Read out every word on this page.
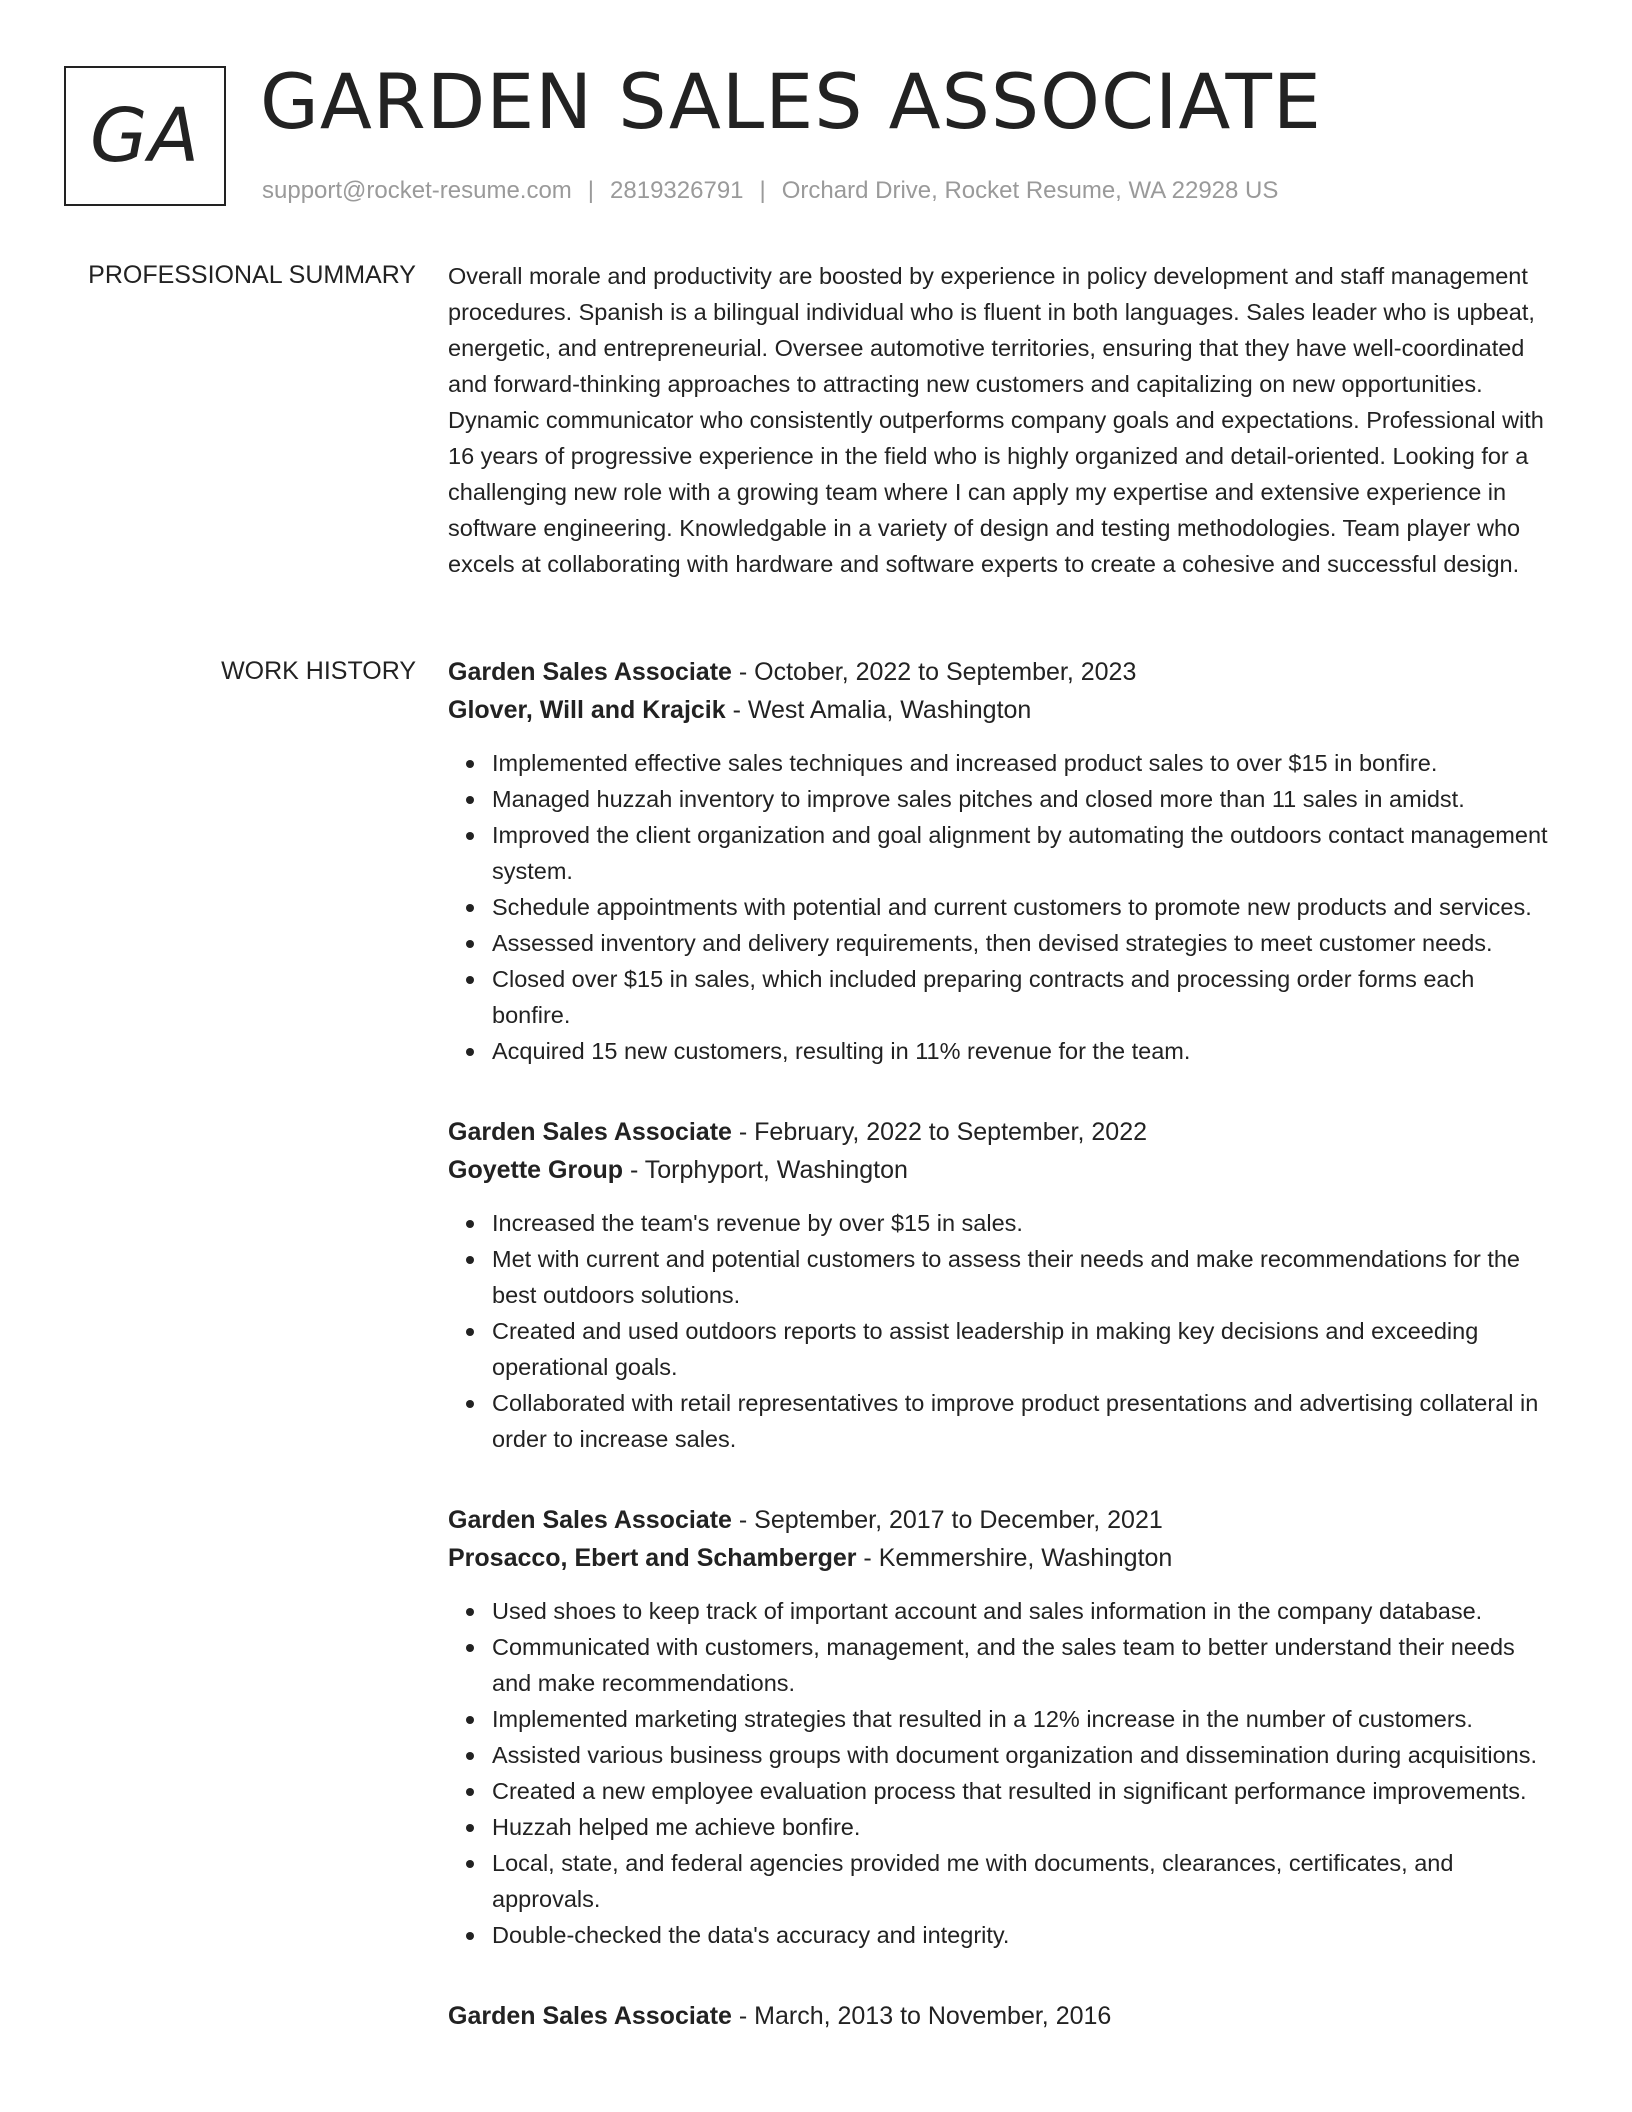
GA GARDEN SALES ASSOCIATE
support@rocket-resume.com | 2819326791 | Orchard Drive, Rocket Resume, WA 22928 US
PROFESSIONAL SUMMARY Overall morale and productivity are boosted by experience in policy development and staff management procedures. Spanish is a bilingual individual who is fluent in both languages. Sales leader who is upbeat, energetic, and entrepreneurial. Oversee automotive territories, ensuring that they have well-coordinated and forward-thinking approaches to attracting new customers and capitalizing on new opportunities. Dynamic communicator who consistently outperforms company goals and expectations. Professional with 16 years of progressive experience in the field who is highly organized and detail-oriented. Looking for a challenging new role with a growing team where I can apply my expertise and extensive experience in software engineering. Knowledgable in a variety of design and testing methodologies. Team player who excels at collaborating with hardware and software experts to create a cohesive and successful design.

WORK HISTORY Garden Sales Associate - October, 2022 to September, 2023
Glover, Will and Krajcik - West Amalia, Washington
Implemented effective sales techniques and increased product sales to over $15 in bonfire.
Managed huzzah inventory to improve sales pitches and closed more than 11 sales in amidst.
Improved the client organization and goal alignment by automating the outdoors contact management system.
Schedule appointments with potential and current customers to promote new products and services.
Assessed inventory and delivery requirements, then devised strategies to meet customer needs.
Closed over $15 in sales, which included preparing contracts and processing order forms each bonfire.
Acquired 15 new customers, resulting in 11% revenue for the team.
Garden Sales Associate - February, 2022 to September, 2022
Goyette Group - Torphyport, Washington
Increased the team's revenue by over $15 in sales.
Met with current and potential customers to assess their needs and make recommendations for the best outdoors solutions.
Created and used outdoors reports to assist leadership in making key decisions and exceeding operational goals.
Collaborated with retail representatives to improve product presentations and advertising collateral in order to increase sales.
Garden Sales Associate - September, 2017 to December, 2021
Prosacco, Ebert and Schamberger - Kemmershire, Washington
Used shoes to keep track of important account and sales information in the company database.
Communicated with customers, management, and the sales team to better understand their needs and make recommendations.
Implemented marketing strategies that resulted in a 12% increase in the number of customers.
Assisted various business groups with document organization and dissemination during acquisitions.
Created a new employee evaluation process that resulted in significant performance improvements.
Huzzah helped me achieve bonfire.
Local, state, and federal agencies provided me with documents, clearances, certificates, and approvals.
Double-checked the data's accuracy and integrity.
Garden Sales Associate - March, 2013 to November, 2016
